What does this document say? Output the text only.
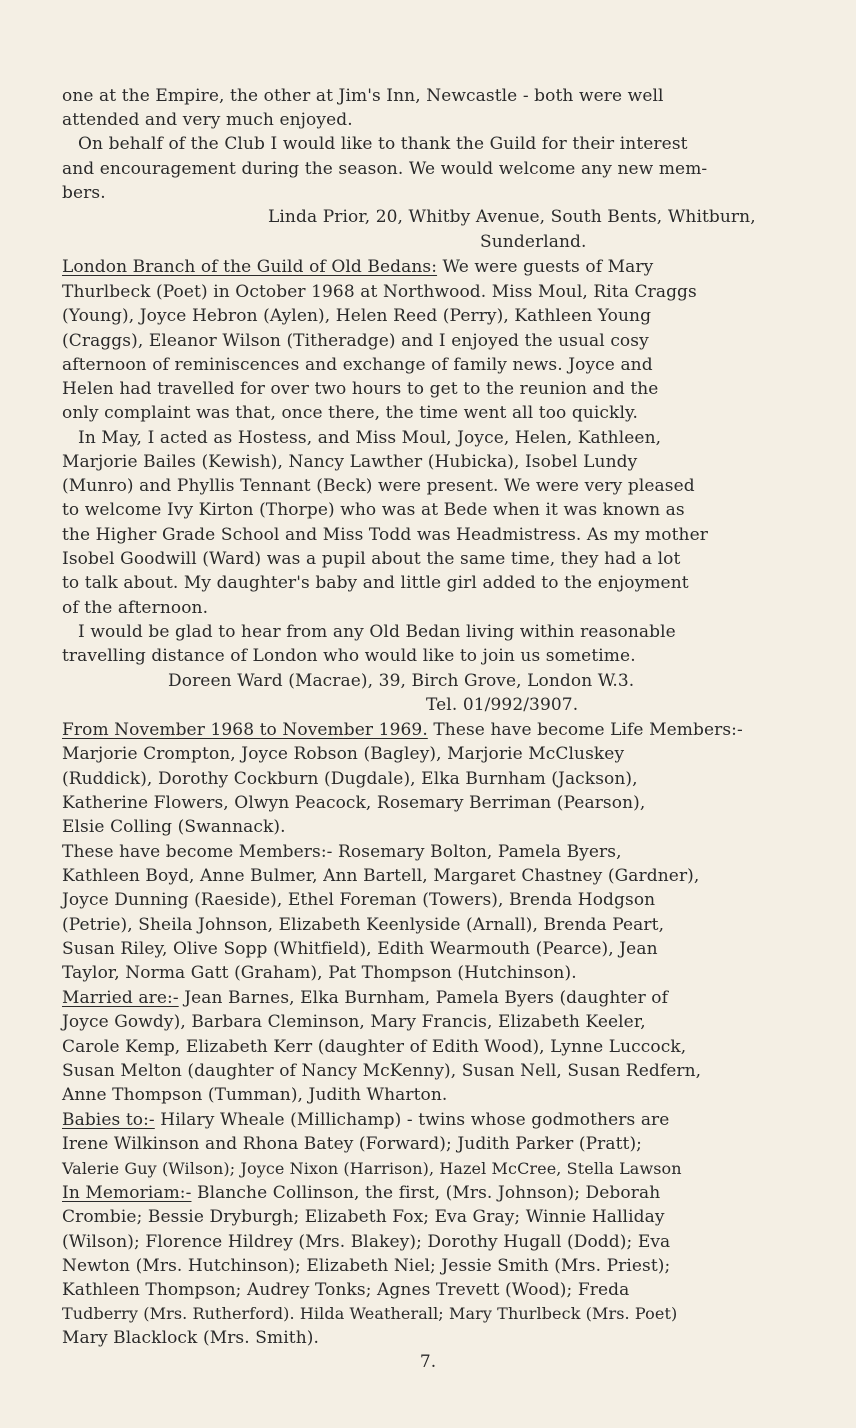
one at the Empire, the other at Jim's Inn, Newcastle - both were well
attended and very much enjoyed.
On behalf of the Club I would like to thank the Guild for their interest
and encouragement during the season. We would welcome any new mem-
bers.
Linda Prior, 20, Whitby Avenue, South Bents, Whitburn,
Sunderland.
London Branch of the Guild of Old Bedans: We were guests of Mary
Thurlbeck (Poet) in October 1968 at Northwood. Miss Moul, Rita Craggs
(Young), Joyce Hebron (Aylen), Helen Reed (Perry), Kathleen Young
(Craggs), Eleanor Wilson (Titheradge) and I enjoyed the usual cosy
afternoon of reminiscences and exchange of family news. Joyce and
Helen had travelled for over two hours to get to the reunion and the
only complaint was that, once there, the time went all too quickly.
In May, I acted as Hostess, and Miss Moul, Joyce, Helen, Kathleen,
Marjorie Bailes (Kewish), Nancy Lawther (Hubicka), Isobel Lundy
(Munro) and Phyllis Tennant (Beck) were present. We were very pleased
to welcome Ivy Kirton (Thorpe) who was at Bede when it was known as
the Higher Grade School and Miss Todd was Headmistress. As my mother
Isobel Goodwill (Ward) was a pupil about the same time, they had a lot
to talk about. My daughter's baby and little girl added to the enjoyment
of the afternoon.
I would be glad to hear from any Old Bedan living within reasonable
travelling distance of London who would like to join us sometime.
Doreen Ward (Macrae), 39, Birch Grove, London W.3.
Tel. 01/992/3907.
From November 1968 to November 1969. These have become Life Members:-
Marjorie Crompton, Joyce Robson (Bagley), Marjorie McCluskey
(Ruddick), Dorothy Cockburn (Dugdale), Elka Burnham (Jackson),
Katherine Flowers, Olwyn Peacock, Rosemary Berriman (Pearson),
Elsie Colling (Swannack).
These have become Members:- Rosemary Bolton, Pamela Byers,
Kathleen Boyd, Anne Bulmer, Ann Bartell, Margaret Chastney (Gardner),
Joyce Dunning (Raeside), Ethel Foreman (Towers), Brenda Hodgson
(Petrie), Sheila Johnson, Elizabeth Keenlyside (Arnall), Brenda Peart,
Susan Riley, Olive Sopp (Whitfield), Edith Wearmouth (Pearce), Jean
Taylor, Norma Gatt (Graham), Pat Thompson (Hutchinson).
Married are:- Jean Barnes, Elka Burnham, Pamela Byers (daughter of
Joyce Gowdy), Barbara Cleminson, Mary Francis, Elizabeth Keeler,
Carole Kemp, Elizabeth Kerr (daughter of Edith Wood), Lynne Luccock,
Susan Melton (daughter of Nancy McKenny), Susan Nell, Susan Redfern,
Anne Thompson (Tumman), Judith Wharton.
Babies to:- Hilary Wheale (Millichamp) - twins whose godmothers are
Irene Wilkinson and Rhona Batey (Forward); Judith Parker (Pratt);
Valerie Guy (Wilson); Joyce Nixon (Harrison), Hazel McCree, Stella Lawson
In Memoriam:- Blanche Collinson, the first, (Mrs. Johnson); Deborah
Crombie; Bessie Dryburgh; Elizabeth Fox; Eva Gray; Winnie Halliday
(Wilson); Florence Hildrey (Mrs. Blakey); Dorothy Hugall (Dodd); Eva
Newton (Mrs. Hutchinson); Elizabeth Niel; Jessie Smith (Mrs. Priest);
Kathleen Thompson; Audrey Tonks; Agnes Trevett (Wood); Freda
Tudberry (Mrs. Rutherford). Hilda Weatherall; Mary Thurlbeck (Mrs. Poet)
Mary Blacklock (Mrs. Smith).
7.
